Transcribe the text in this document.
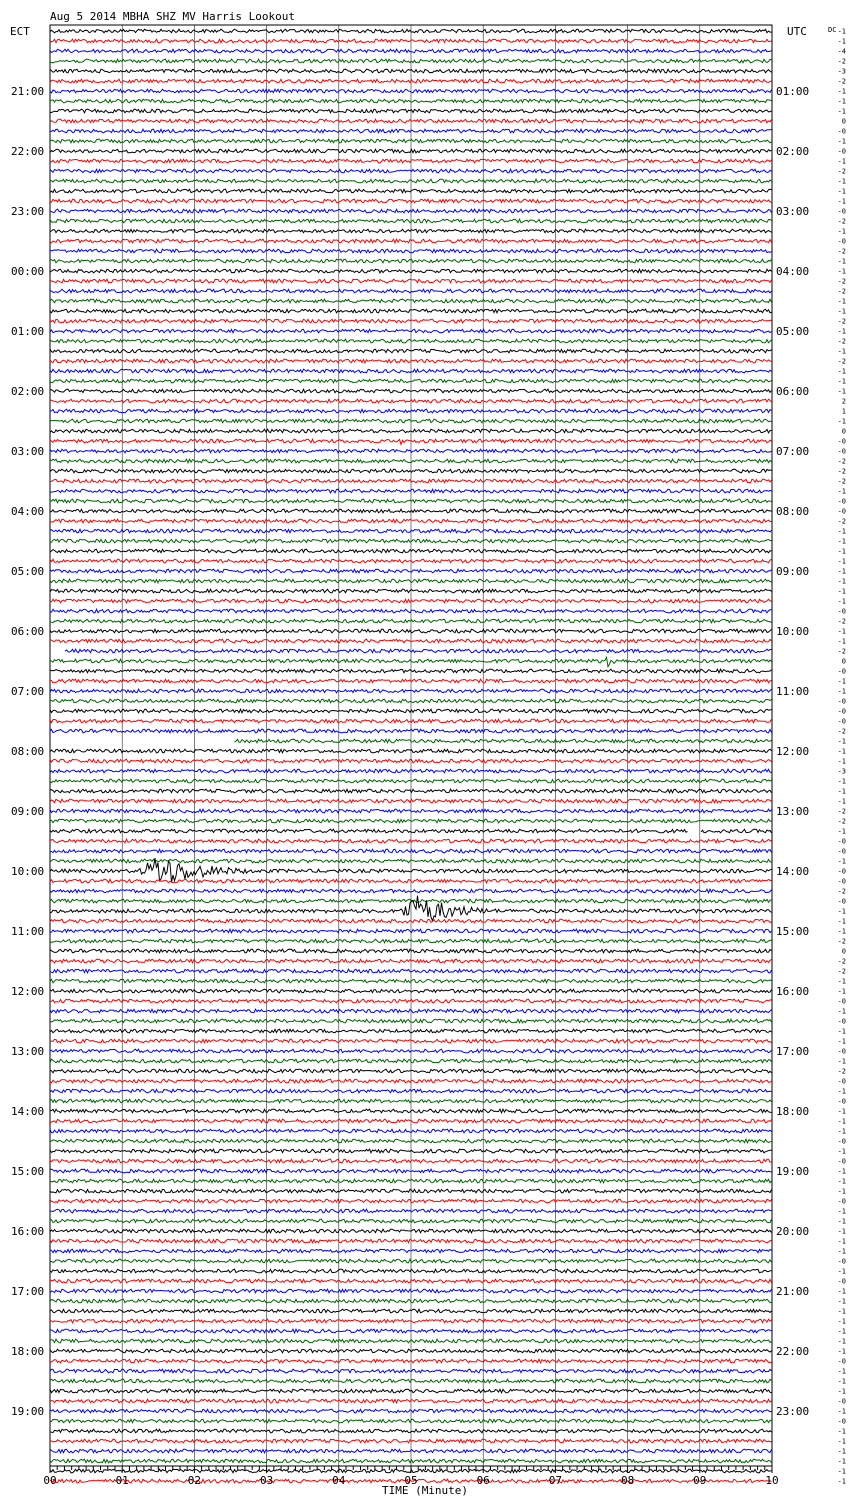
Aug 5 2014 MBHA SHZ MV Harris Lookout
ECT	UTC	DC
21:00
22:00
23:00
00:00
01:00
02:00
03:00
04:00
05:00
06:00
07:00
08:00
09:00
10:00
11:00
12:00
13:00
14:00
15:00
16:00
17:00
18:00
19:00
01:00
02:00
03:00
04:00
05:00
06:00
07:00
08:00
09:00
10:00
11:00
12:00
13:00
14:00
15:00
16:00
17:00
18:00
19:00
20:00
21:00
22:00
23:00
-1
-1
-4
-2
-3
-2
-1
-1
-1
0
-0
-1
-0
-1
-2
-1
-1
-1
-0
-2
-1
-0
-2
-1
-1
-2
-2
-1
-1
-2
-1
-2
-1
-2
-1
-1
-1
2
1
-1
0
-0
-0
-2
-2
-2
-1
-0
-0
-2
-1
-1
-1
-1
-1
-1
-1
-1
-0
-2
-1
-1
-2
0
-0
-1
-1
-0
-0
-0
-2
-1
-1
-1
-3
-1
-1
-1
-2
-2
-1
-0
-0
-1
-0
-0
-2
-0
-1
-1
-1
-2
0
-2
-2
-1
-1
-0
-1
-0
-1
-1
-0
-1
-2
-0
-1
-0
-1
-1
-1
-0
-1
-0
-1
-1
-1
-0
-1
-1
-1
-1
-1
-0
-1
-0
-1
-1
-1
-1
-1
-1
-1
-0
-1
-1
-1
-0
-1
-0
-1
-1
-1
-1
-1
-1
00	01	02	03	04	05	06	07	08	09	10
TIME (Minute)
